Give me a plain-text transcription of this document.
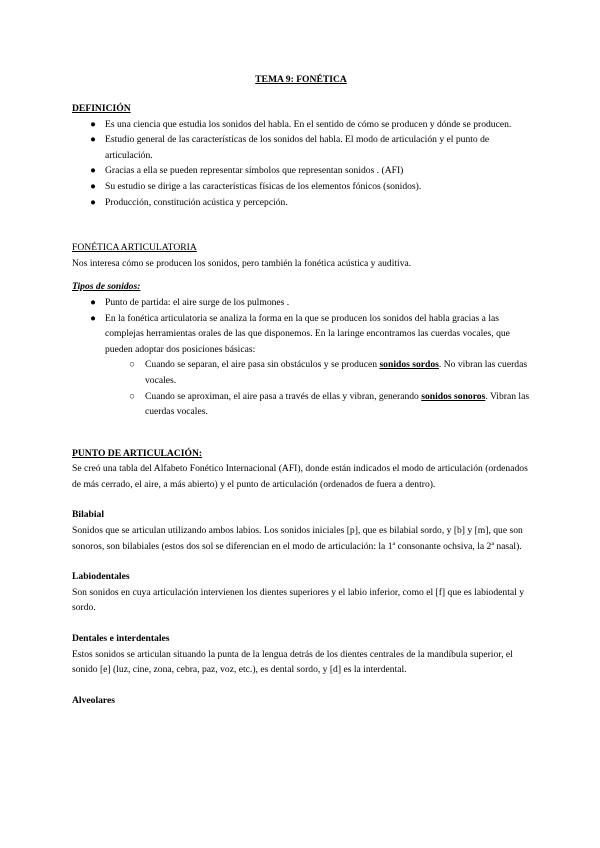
TEMA 9: FONÉTICA
DEFINICIÓN
● Es una ciencia que estudia los sonidos del habla. En el sentido de cómo se producen y dónde se producen.
● Estudio general de las características de los sonidos del habla. El modo de articulación y el punto de articulación.
● Gracias a ella se pueden representar símbolos que representan sonidos . (AFI)
● Su estudio se dirige a las características físicas de los elementos fónicos (sonidos).
● Producción, constitución acústica y percepción.
FONÉTICA ARTICULATORIA

Nos interesa cómo se producen los sonidos, pero también la fonética acústica y auditiva.

Tipos de sonidos:
● Punto de partida: el aire surge de los pulmones .
● En la fonética articulatoria se analiza la forma en la que se producen los sonidos del habla gracias a las complejas herramientas orales de las que disponemos. En la laringe encontramos las cuerdas vocales, que pueden adoptar dos posiciones básicas:
○ Cuando se separan, el aire pasa sin obstáculos y se producen sonidos sordos. No vibran las cuerdas vocales.
○ Cuando se aproximan, el aire pasa a través de ellas y vibran, generando sonidos sonoros. Vibran las cuerdas vocales.
PUNTO DE ARTICULACIÓN:

Se creó una tabla del Alfabeto Fonético Internacional (AFI), donde están indicados el modo de articulación (ordenados de más cerrado, el aire, a más abierto) y el punto de articulación (ordenados de fuera a dentro).

Bilabial

Sonidos que se articulan utilizando ambos labios. Los sonidos iniciales [p], que es bilabial sordo, y [b] y [m], que son sonoros, son bilabiales (estos dos sol se diferencian en el modo de articulación: la 1ª consonante ochsiva, la 2ª nasal).

Labiodentales

Son sonidos en cuya articulación intervienen los dientes superiores y el labio inferior, como el [f] que es labiodental y sordo.

Dentales e interdentales

Estos sonidos se articulan situando la punta de la lengua detrás de los dientes centrales de la mandíbula superior, el sonido [e] (luz, cine, zona, cebra, paz, voz, etc.), es dental sordo, y [d] es la interdental.

Alveolares
